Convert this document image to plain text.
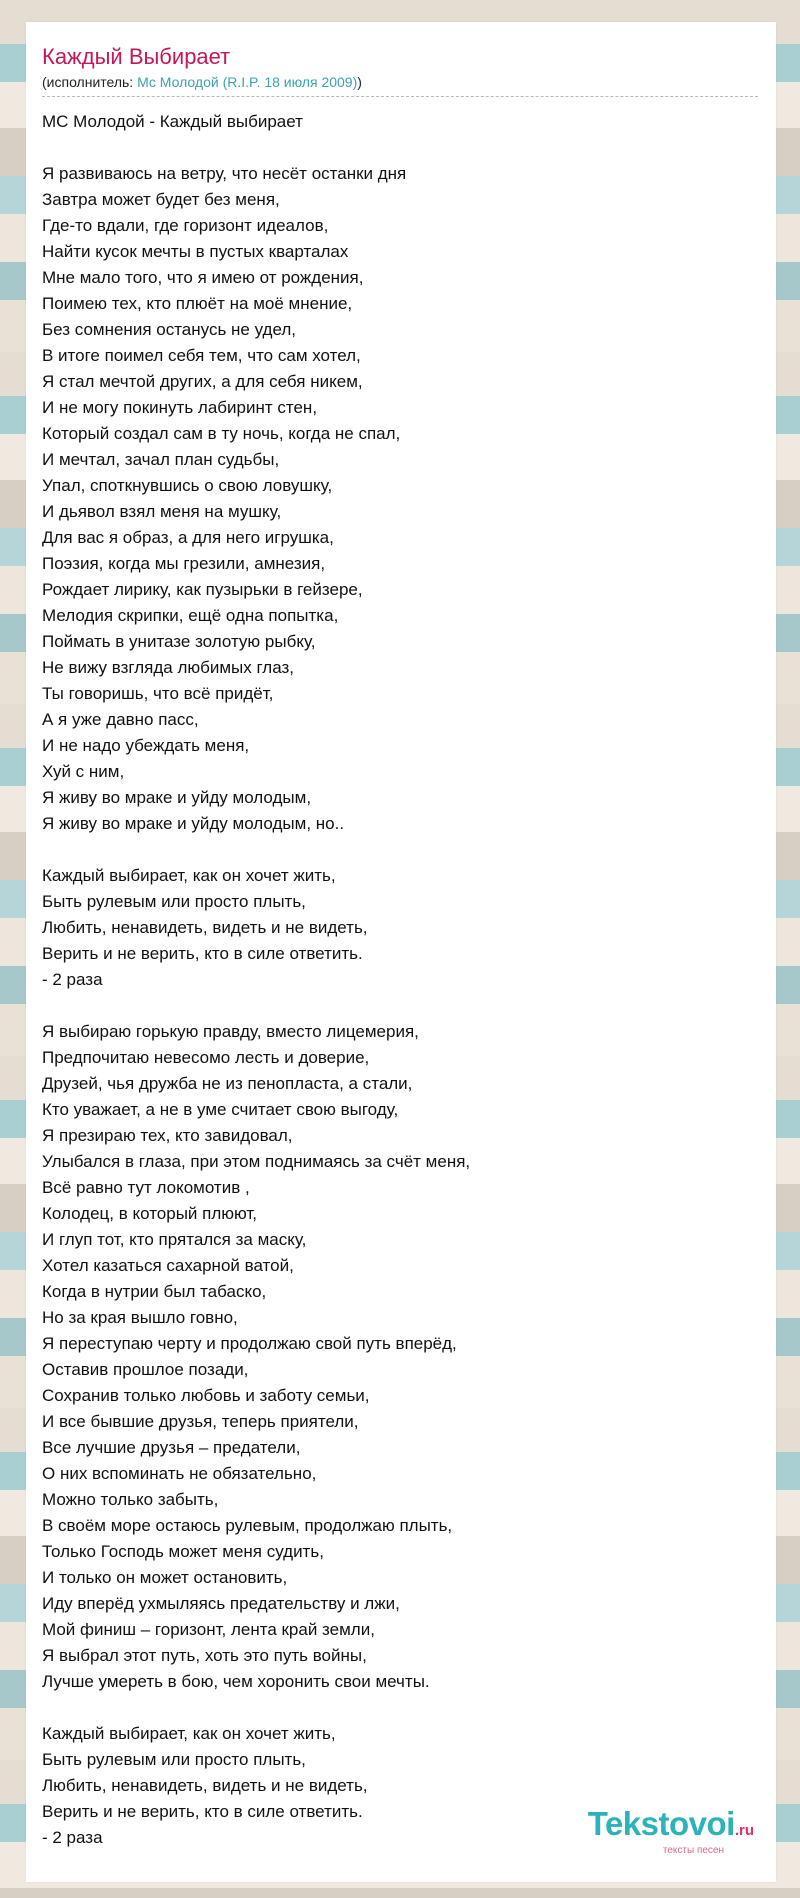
Каждый Выбирает
(исполнитель: Мс Молодой (R.I.P. 18 июля 2009))
МС Молодой - Каждый выбирает
Я развиваюсь на ветру, что несёт останки дня
Завтра может будет без меня,
Где-то вдали, где горизонт идеалов,
Найти кусок мечты в пустых кварталах
Мне мало того, что я имею от рождения,
Поимею тех, кто плюёт на моё мнение,
Без сомнения останусь не удел,
В итоге поимел себя тем, что сам хотел,
Я стал мечтой других, а для себя никем,
И не могу покинуть лабиринт стен,
Который создал сам в ту ночь, когда не спал,
И мечтал, зачал план судьбы,
Упал, споткнувшись о свою ловушку,
И дьявол взял меня на мушку,
Для вас я образ, а для него игрушка,
Поэзия, когда мы грезили, амнезия,
Рождает лирику, как пузырьки в гейзере,
Мелодия скрипки, ещё одна попытка,
Поймать в унитазе золотую рыбку,
Не вижу взгляда любимых глаз,
Ты говоришь, что всё придёт,
А я уже давно пасс,
И не надо убеждать меня,
Хуй с ним,
Я живу во мраке и уйду молодым,
Я живу во мраке и уйду молодым, но..
Каждый выбирает, как он хочет жить,
Быть рулевым или просто плыть,
Любить, ненавидеть, видеть и не видеть,
Верить и не верить, кто в силе ответить.
- 2 раза
Я выбираю горькую правду, вместо лицемерия,
Предпочитаю невесомо лесть и доверие,
Друзей, чья дружба не из пенопласта, а стали,
Кто уважает, а не в уме считает свою выгоду,
Я презираю тех, кто завидовал,
Улыбался в глаза, при этом поднимаясь за счёт меня,
Всё равно тут локомотив ,
Колодец, в который плюют,
И глуп тот, кто прятался за маску,
Хотел казаться сахарной ватой,
Когда в нутрии был табаско,
Но за края вышло говно,
Я переступаю черту и продолжаю свой путь вперёд,
Оставив прошлое позади,
Сохранив только любовь и заботу семьи,
И все бывшие друзья, теперь приятели,
Все лучшие друзья – предатели,
О них вспоминать не обязательно,
Можно только забыть,
В своём море остаюсь рулевым, продолжаю плыть,
Только Господь может меня судить,
И только он может остановить,
Иду вперёд ухмыляясь предательству и лжи,
Мой финиш – горизонт, лента край земли,
Я выбрал этот путь, хоть это путь войны,
Лучше умереть в бою, чем хоронить свои мечты.
Каждый выбирает, как он хочет жить,
Быть рулевым или просто плыть,
Любить, ненавидеть, видеть и не видеть,
Верить и не верить, кто в силе ответить.
- 2 раза	Tekstovoi.ru
тексты песен
